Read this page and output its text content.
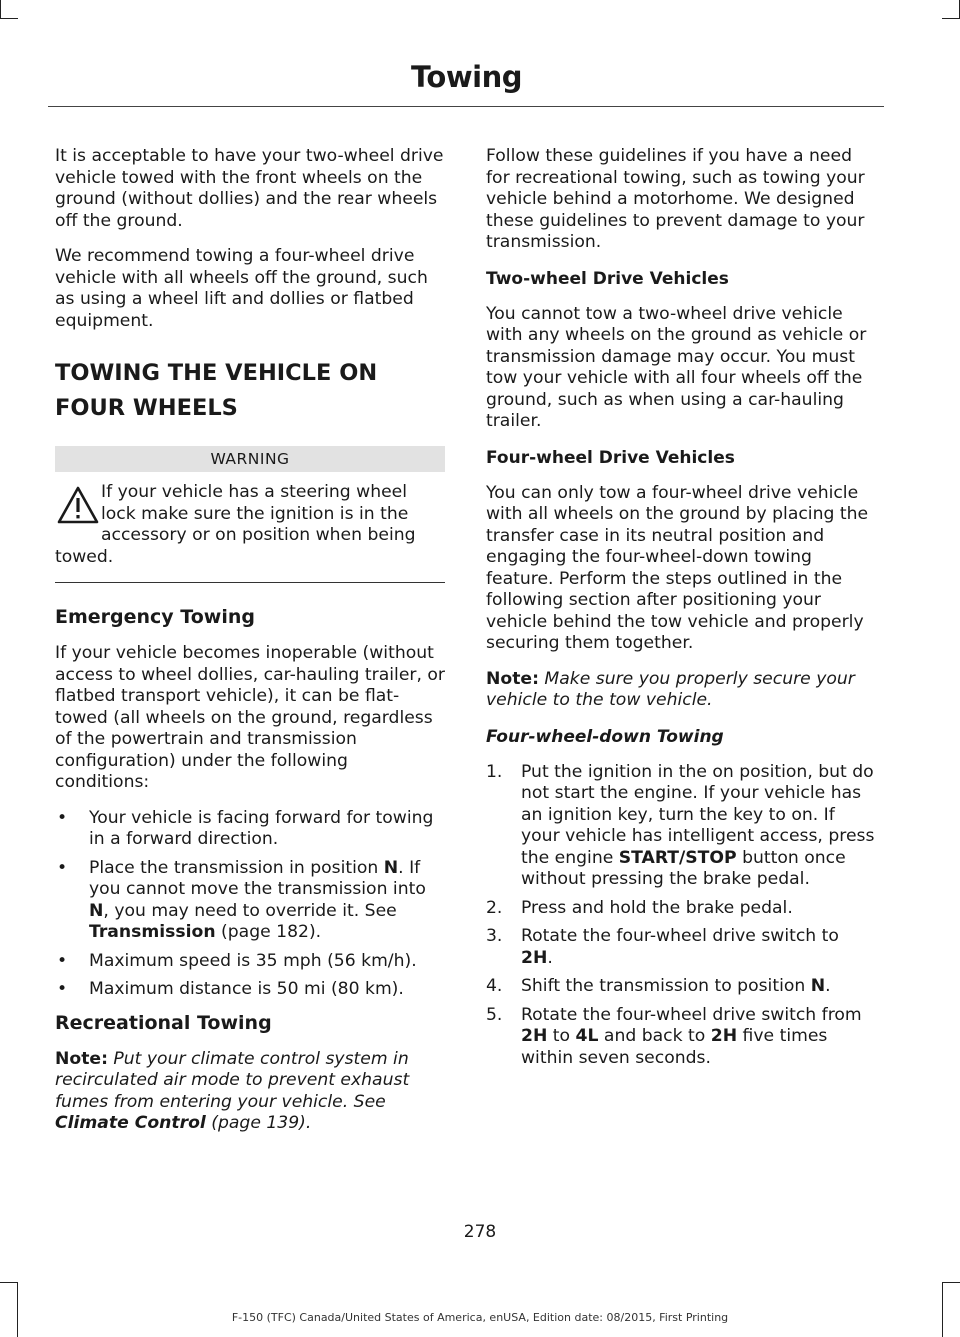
Towing

It is acceptable to have your two-wheel drive vehicle towed with the front wheels on the ground (without dollies) and the rear wheels off the ground.

We recommend towing a four-wheel drive vehicle with all wheels off the ground, such as using a wheel lift and dollies or flatbed equipment.

TOWING THE VEHICLE ON
FOUR WHEELS
WARNING
If your vehicle has a steering wheel lock make sure the ignition is in the accessory or on position when being towed.
Emergency Towing

If your vehicle becomes inoperable (without access to wheel dollies, car-hauling trailer, or flatbed transport vehicle), it can be flat-towed (all wheels on the ground, regardless of the powertrain and transmission configuration) under the following conditions:

• Your vehicle is facing forward for towing in a forward direction.
• Place the transmission in position N. If you cannot move the transmission into N, you may need to override it. See Transmission (page 182).
• Maximum speed is 35 mph (56 km/h).
• Maximum distance is 50 mi (80 km).
Recreational Towing

Note: Put your climate control system in recirculated air mode to prevent exhaust fumes from entering your vehicle. See Climate Control (page 139).

Follow these guidelines if you have a need for recreational towing, such as towing your vehicle behind a motorhome. We designed these guidelines to prevent damage to your transmission.

Two-wheel Drive Vehicles

You cannot tow a two-wheel drive vehicle with any wheels on the ground as vehicle or transmission damage may occur. You must tow your vehicle with all four wheels off the ground, such as when using a car-hauling trailer.

Four-wheel Drive Vehicles

You can only tow a four-wheel drive vehicle with all wheels on the ground by placing the transfer case in its neutral position and engaging the four-wheel-down towing feature. Perform the steps outlined in the following section after positioning your vehicle behind the tow vehicle and properly securing them together.

Note: Make sure you properly secure your vehicle to the tow vehicle.

Four-wheel-down Towing
1. Put the ignition in the on position, but do not start the engine. If your vehicle has an ignition key, turn the key to on. If your vehicle has intelligent access, press the engine START/STOP button once without pressing the brake pedal.
2. Press and hold the brake pedal.
3. Rotate the four-wheel drive switch to 2H.
4. Shift the transmission to position N.
5. Rotate the four-wheel drive switch from 2H to 4L and back to 2H five times within seven seconds.
278
F-150 (TFC) Canada/United States of America, enUSA, Edition date: 08/2015, First Printing
